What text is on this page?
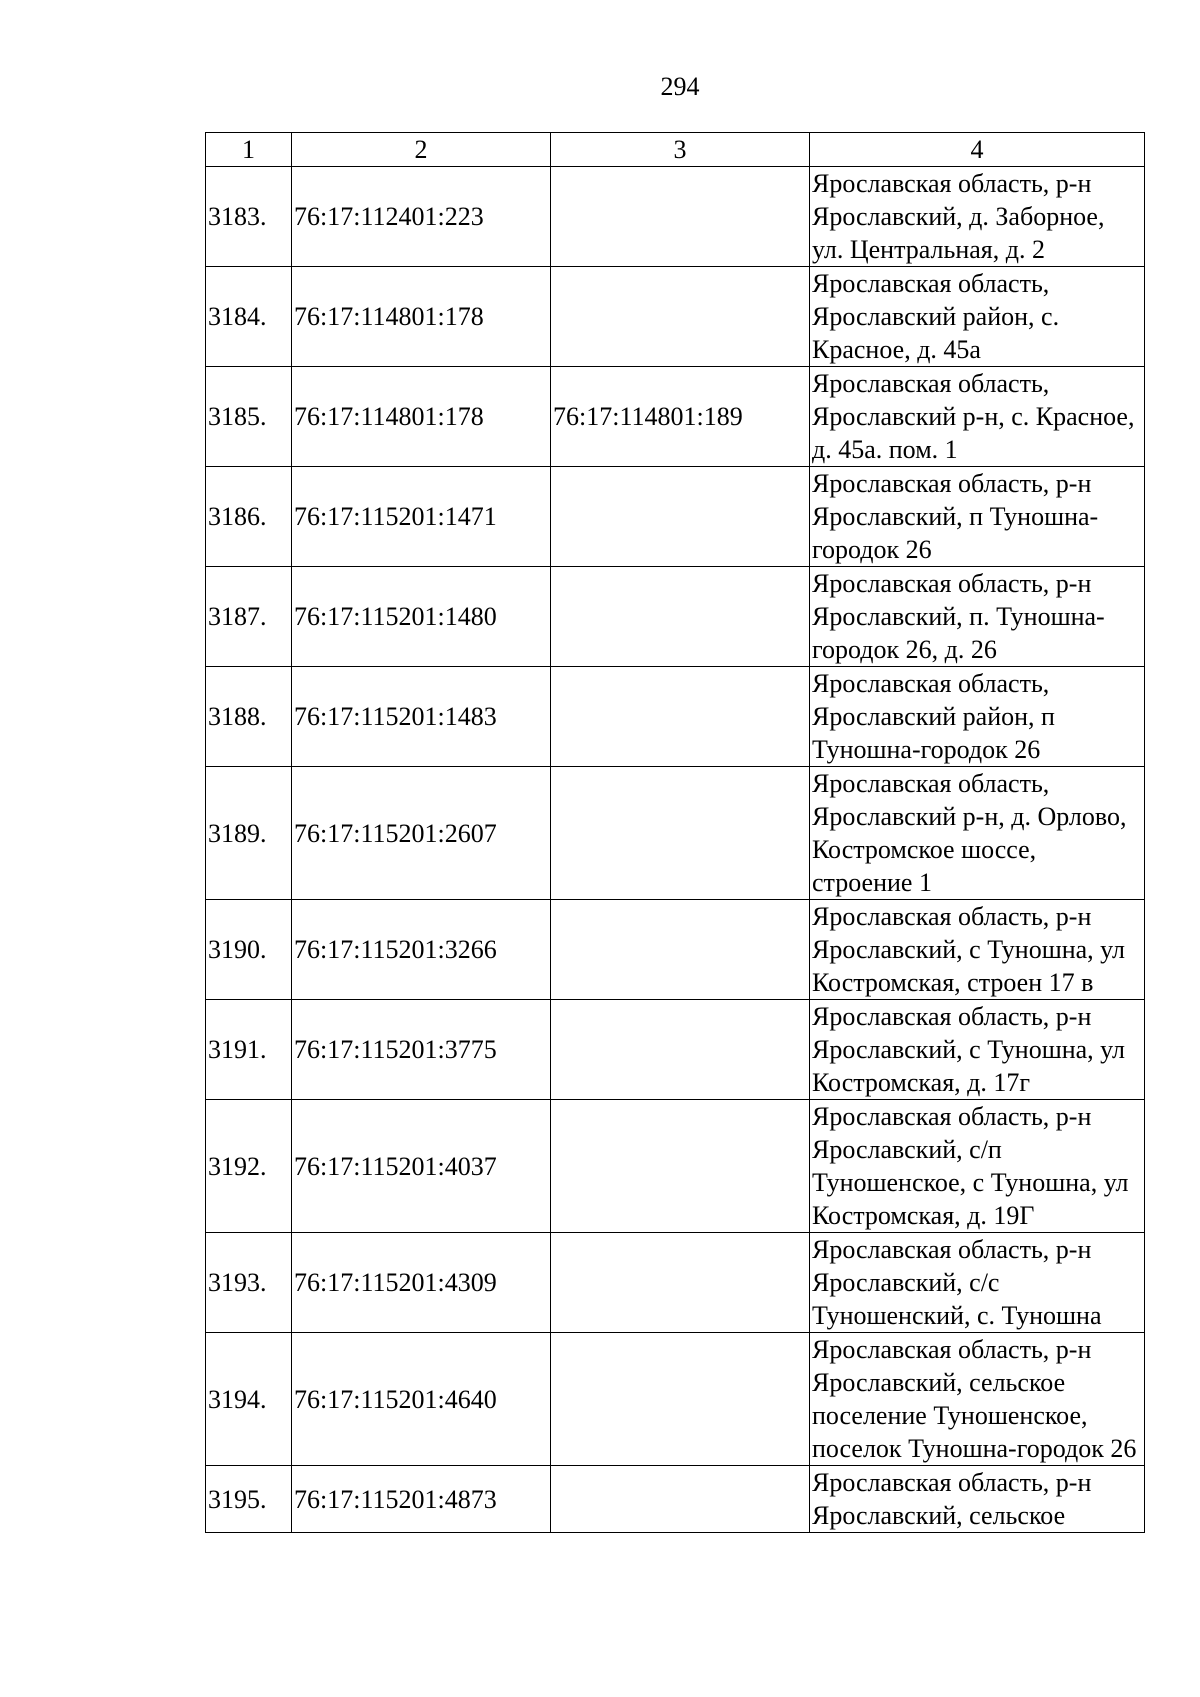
294
1	2	3	4
3183.	76:17:112401:223		Ярославская область, р-н Ярославский, д. Заборное, ул. Центральная, д. 2
3184.	76:17:114801:178		Ярославская область, Ярославский район, с. Красное, д. 45а
3185.	76:17:114801:178	76:17:114801:189	Ярославская область, Ярославский р-н, с. Красное, д. 45а. пом. 1
3186.	76:17:115201:1471		Ярославская область, р-н Ярославский, п Туношна-городок 26
3187.	76:17:115201:1480		Ярославская область, р-н Ярославский, п. Туношна-городок 26, д. 26
3188.	76:17:115201:1483		Ярославская область, Ярославский район, п Туношна-городок 26
3189.	76:17:115201:2607		Ярославская область, Ярославский р-н, д. Орлово, Костромское шоссе, строение 1
3190.	76:17:115201:3266		Ярославская область, р-н Ярославский, с Туношна, ул Костромская, строен 17 в
3191.	76:17:115201:3775		Ярославская область, р-н Ярославский, с Туношна, ул Костромская, д. 17г
3192.	76:17:115201:4037		Ярославская область, р-н Ярославский, с/п Туношенское, с Туношна, ул Костромская, д. 19Г
3193.	76:17:115201:4309		Ярославская область, р-н Ярославский, с/с Туношенский, с. Туношна
3194.	76:17:115201:4640		Ярославская область, р-н Ярославский, сельское поселение Туношенское, поселок Туношна-городок 26
3195.	76:17:115201:4873		Ярославская область, р-н Ярославский, сельское
